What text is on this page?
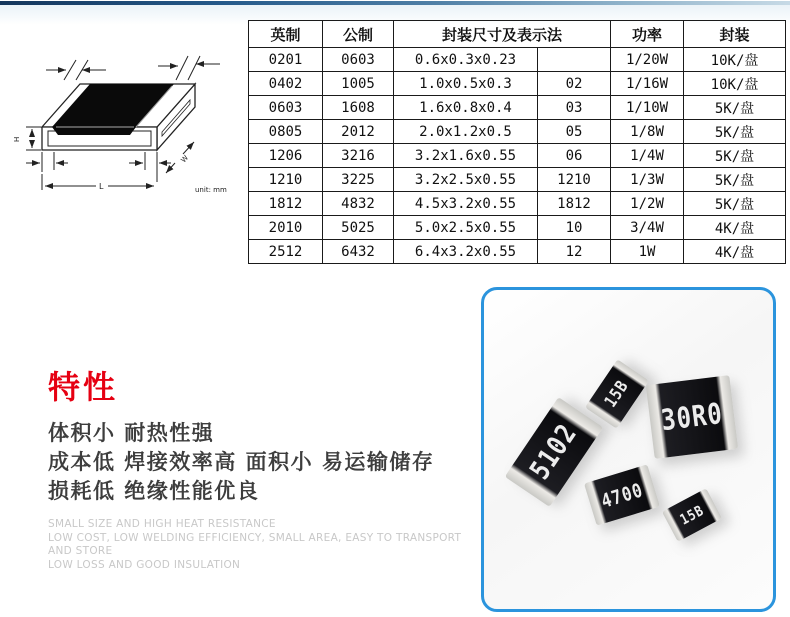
H
L
W
unit: mm
英制	公制	封装尺寸及表示法		功率	封装
0201	0603	0.6x0.3x0.23		1/20W	10K/盘
0402	1005	1.0x0.5x0.3	02	1/16W	10K/盘
0603	1608	1.6x0.8x0.4	03	1/10W	5K/盘
0805	2012	2.0x1.2x0.5	05	1/8W	5K/盘
1206	3216	3.2x1.6x0.55	06	1/4W	5K/盘
1210	3225	3.2x2.5x0.55	1210	1/3W	5K/盘
1812	4832	4.5x3.2x0.55	1812	1/2W	5K/盘
2010	5025	5.0x2.5x0.55	10	3/4W	4K/盘
2512	6432	6.4x3.2x0.55	12	1W	4K/盘
特性
体积小 耐热性强
成本低 焊接效率高 面积小 易运输储存
损耗低 绝缘性能优良
SMALL SIZE AND HIGH HEAT RESISTANCE
LOW COST, LOW WELDING EFFICIENCY, SMALL AREA, EASY TO TRANSPORT AND STORE
LOW LOSS AND GOOD INSULATION
5102
15B
30R0
4700
15B
